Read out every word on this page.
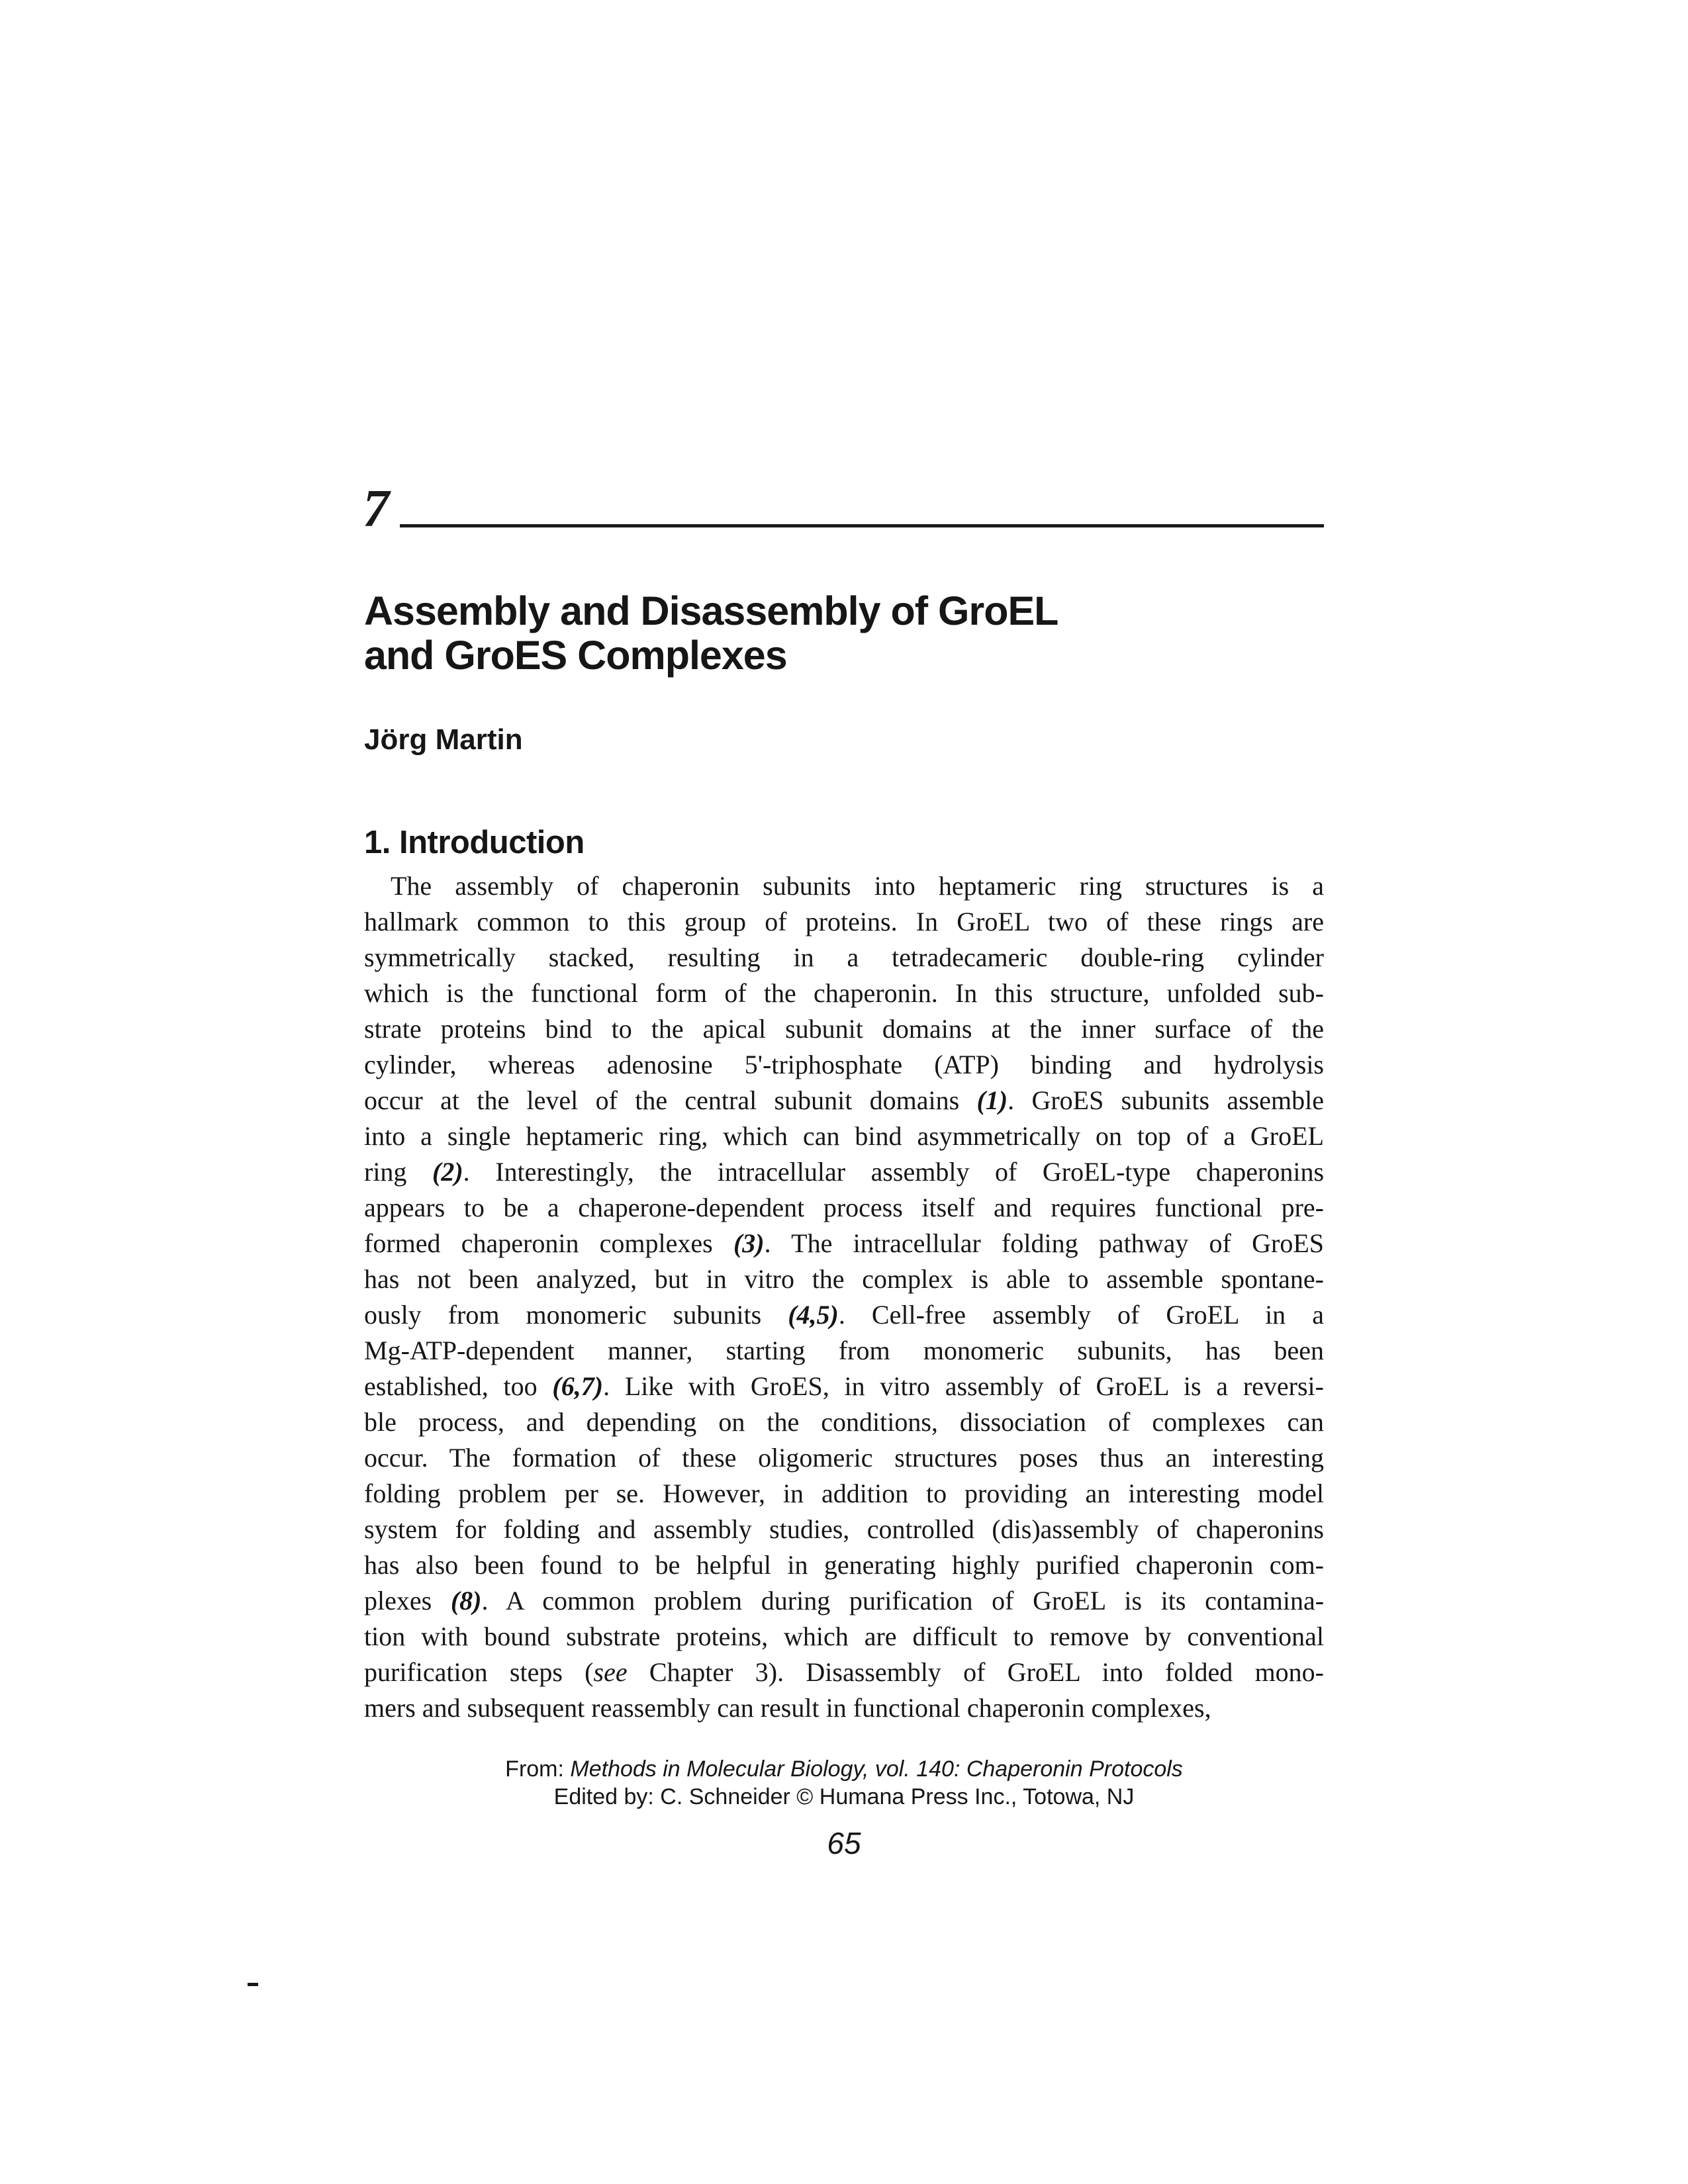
7
Assembly and Disassembly of GroEL
and GroES Complexes
Jörg Martin
1. Introduction
The assembly of chaperonin subunits into heptameric ring structures is a
hallmark common to this group of proteins. In GroEL two of these rings are
symmetrically stacked, resulting in a tetradecameric double-ring cylinder
which is the functional form of the chaperonin. In this structure, unfolded sub-
strate proteins bind to the apical subunit domains at the inner surface of the
cylinder, whereas adenosine 5'-triphosphate (ATP) binding and hydrolysis
occur at the level of the central subunit domains (1). GroES subunits assemble
into a single heptameric ring, which can bind asymmetrically on top of a GroEL
ring (2). Interestingly, the intracellular assembly of GroEL-type chaperonins
appears to be a chaperone-dependent process itself and requires functional pre-
formed chaperonin complexes (3). The intracellular folding pathway of GroES
has not been analyzed, but in vitro the complex is able to assemble spontane-
ously from monomeric subunits (4,5). Cell-free assembly of GroEL in a
Mg-ATP-dependent manner, starting from monomeric subunits, has been
established, too (6,7). Like with GroES, in vitro assembly of GroEL is a reversi-
ble process, and depending on the conditions, dissociation of complexes can
occur. The formation of these oligomeric structures poses thus an interesting
folding problem per se. However, in addition to providing an interesting model
system for folding and assembly studies, controlled (dis)assembly of chaperonins
has also been found to be helpful in generating highly purified chaperonin com-
plexes (8). A common problem during purification of GroEL is its contamina-
tion with bound substrate proteins, which are difficult to remove by conventional
purification steps (see Chapter 3). Disassembly of GroEL into folded mono-
mers and subsequent reassembly can result in functional chaperonin complexes,
From: Methods in Molecular Biology, vol. 140: Chaperonin Protocols
Edited by: C. Schneider © Humana Press Inc., Totowa, NJ
65
